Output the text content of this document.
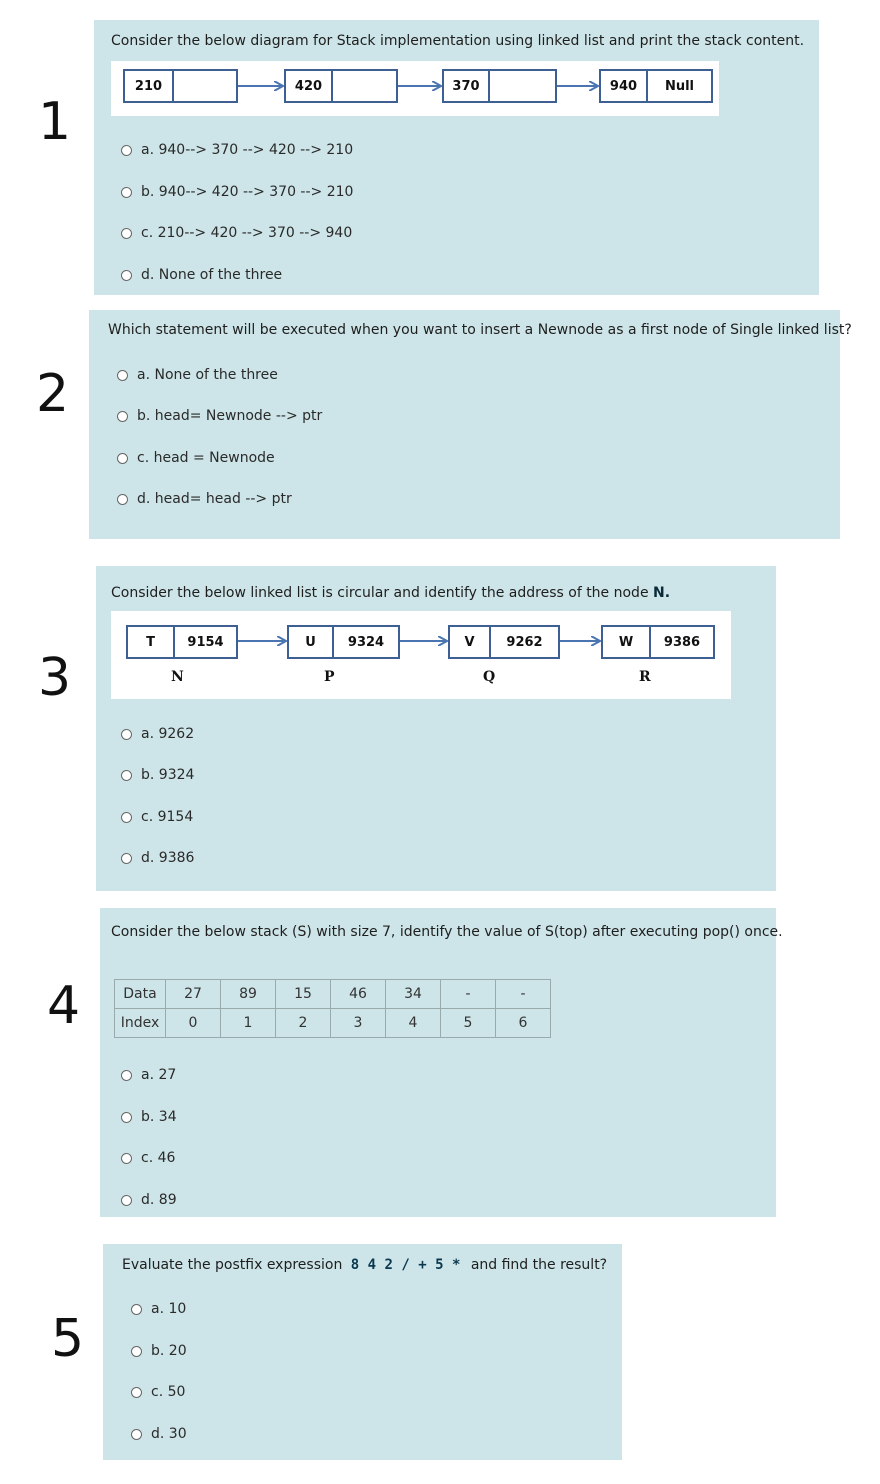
1
Consider the below diagram for Stack implementation using linked list and print the stack content.
210	420	370	940	Null
a. 940--> 370 --> 420 --> 210
b. 940--> 420 --> 370 --> 210
c. 210--> 420 --> 370 --> 940
d. None of the three
2
Which statement will be executed when you want to insert a Newnode as a first node of Single linked list?
a. None of the three
b. head= Newnode --> ptr
c. head = Newnode
d. head= head --> ptr
3
Consider the below linked list is circular and identify the address of the node N.
T	9154	U	9324	V	9262	W	9386
N	P	Q	R
a. 9262
b. 9324
c. 9154
d. 9386
4
Consider the below stack (S) with size 7, identify the value of S(top) after executing pop() once.
Data	27	89	15	46	34	-	-
Index	0	1	2	3	4	5	6
a. 27
b. 34
c. 46
d. 89
5
Evaluate the postfix expression 8 4 2 / + 5 * and find the result?
a. 10
b. 20
c. 50
d. 30
